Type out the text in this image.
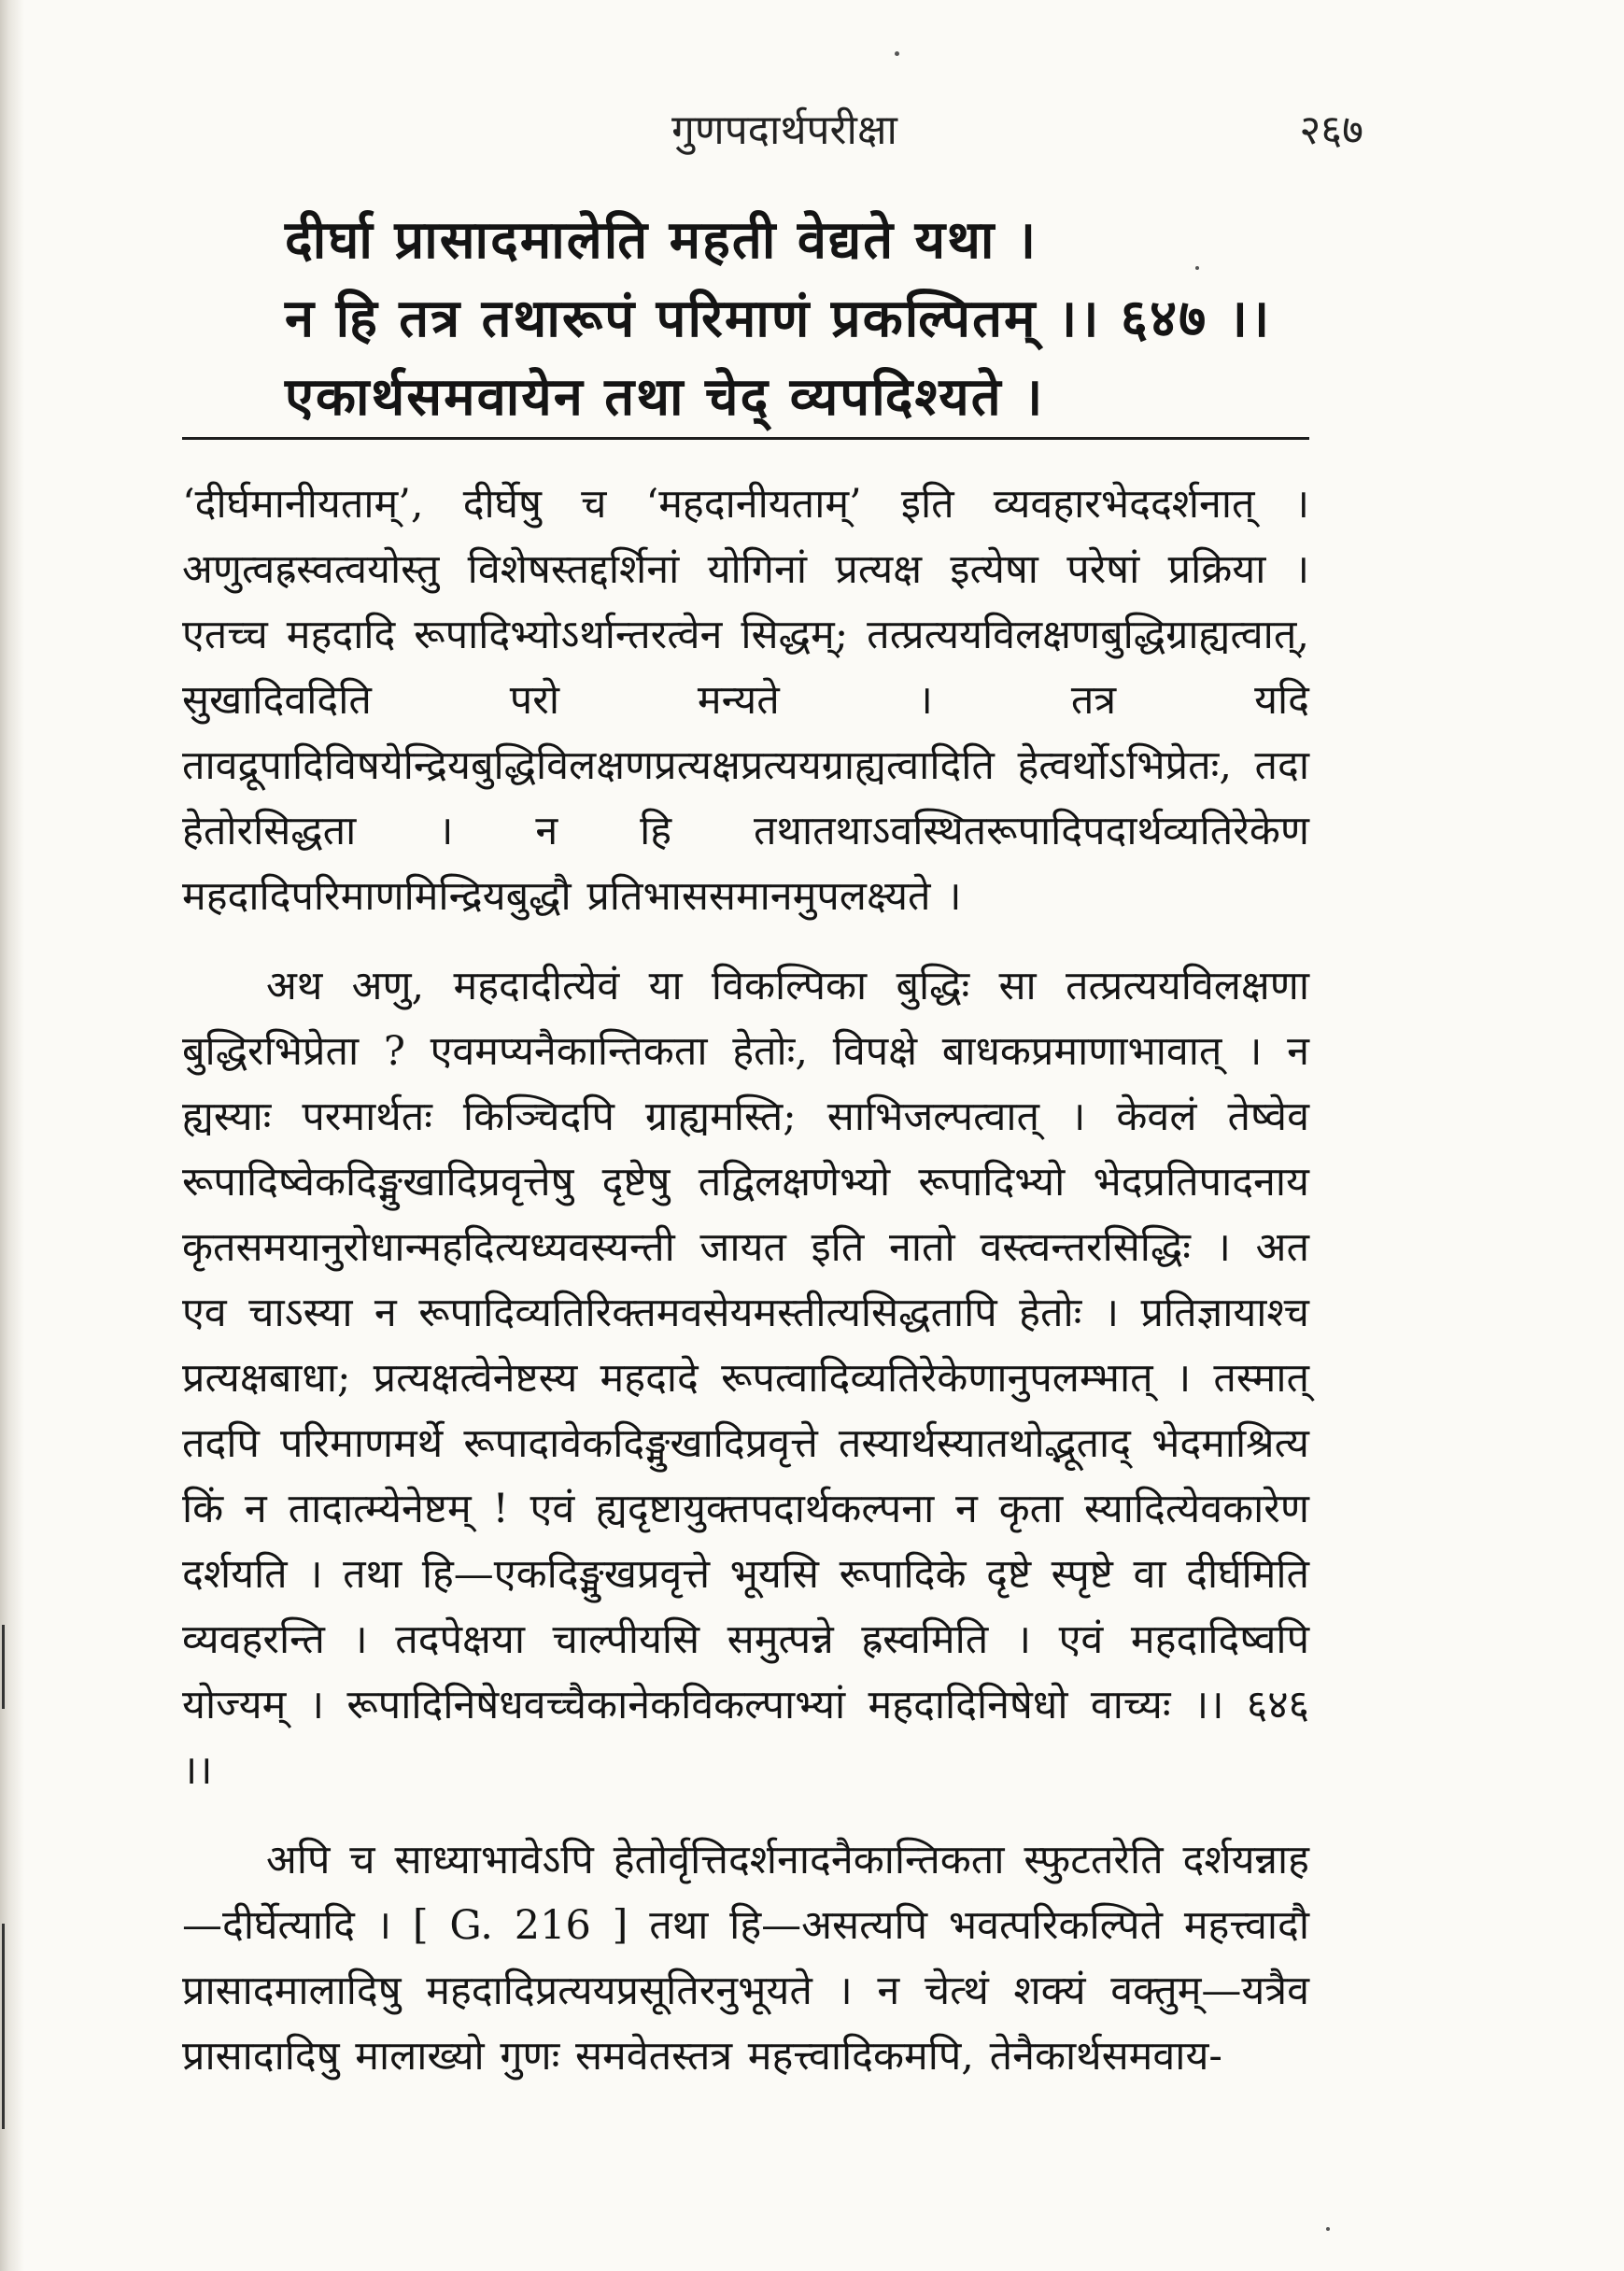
गुणपदार्थपरीक्षा	२६७
दीर्घा प्रासादमालेति महती वेद्यते यथा ।
न हि तत्र तथारूपं परिमाणं प्रकल्पितम् ।। ६४७ ।।
एकार्थसमवायेन तथा चेद् व्यपदिश्यते ।

‘दीर्घमानीयताम्’, दीर्घेषु च ‘महदानीयताम्’ इति व्यवहारभेददर्शनात् । अणुत्वह्रस्वत्वयोस्तु विशेषस्तद्दर्शिनां योगिनां प्रत्यक्ष इत्येषा परेषां प्रक्रिया । एतच्च महदादि रूपादिभ्योऽर्थान्तरत्वेन सिद्धम्; तत्प्रत्ययविलक्षणबुद्धिग्राह्यत्वात्, सुखादिवदिति परो मन्यते । तत्र यदि तावद्रूपादिविषयेन्द्रियबुद्धिविलक्षणप्रत्यक्षप्रत्ययग्राह्यत्वादिति हेत्वर्थोऽभिप्रेतः, तदा हेतोरसिद्धता । न हि तथातथाऽवस्थितरूपादिपदार्थव्यतिरेकेण महदादिपरिमाणमिन्द्रियबुद्धौ प्रतिभाससमानमुपलक्ष्यते ।

अथ अणु, महदादीत्येवं या विकल्पिका बुद्धिः सा तत्प्रत्ययविलक्षणा बुद्धिरभिप्रेता ? एवमप्यनैकान्तिकता हेतोः, विपक्षे बाधकप्रमाणाभावात् । न ह्यस्याः परमार्थतः किञ्चिदपि ग्राह्यमस्ति; साभिजल्पत्वात् । केवलं तेष्वेव रूपादिष्वेकदिङ्मुखादिप्रवृत्तेषु दृष्टेषु तद्विलक्षणेभ्यो रूपादिभ्यो भेदप्रतिपादनाय कृतसमयानुरोधान्महदित्यध्यवस्यन्ती जायत इति नातो वस्त्वन्तरसिद्धिः । अत एव चाऽस्या न रूपादिव्यतिरिक्तमवसेयमस्तीत्यसिद्धतापि हेतोः । प्रतिज्ञायाश्च प्रत्यक्षबाधा; प्रत्यक्षत्वेनेष्टस्य महदादे रूपत्वादिव्यतिरेकेणानुपलम्भात् । तस्मात् तदपि परिमाणमर्थे रूपादावेकदिङ्मुखादिप्रवृत्ते तस्यार्थस्यातथोद्भूताद् भेदमाश्रित्य किं न तादात्म्येनेष्टम् ! एवं ह्यदृष्टायुक्तपदार्थकल्पना न कृता स्यादित्येवकारेण दर्शयति । तथा हि—एकदिङ्मुखप्रवृत्ते भूयसि रूपादिके दृष्टे स्पृष्टे वा दीर्घमिति व्यवहरन्ति । तदपेक्षया चाल्पीयसि समुत्पन्ने ह्रस्वमिति । एवं महदादिष्वपि योज्यम् । रूपादिनिषेधवच्चैकानेकविकल्पाभ्यां महदादिनिषेधो वाच्यः ।। ६४६ ।।

अपि च साध्याभावेऽपि हेतोर्वृत्तिदर्शनादनैकान्तिकता स्फुटतरेति दर्शयन्नाह—दीर्घेत्यादि । [ G. 216 ] तथा हि—असत्यपि भवत्परिकल्पिते महत्त्वादौ प्रासादमालादिषु महदादिप्रत्ययप्रसूतिरनुभूयते । न चेत्थं शक्यं वक्तुम्—यत्रैव प्रासादादिषु मालाख्यो गुणः समवेतस्तत्र महत्त्वादिकमपि, तेनैकार्थसमवाय-
